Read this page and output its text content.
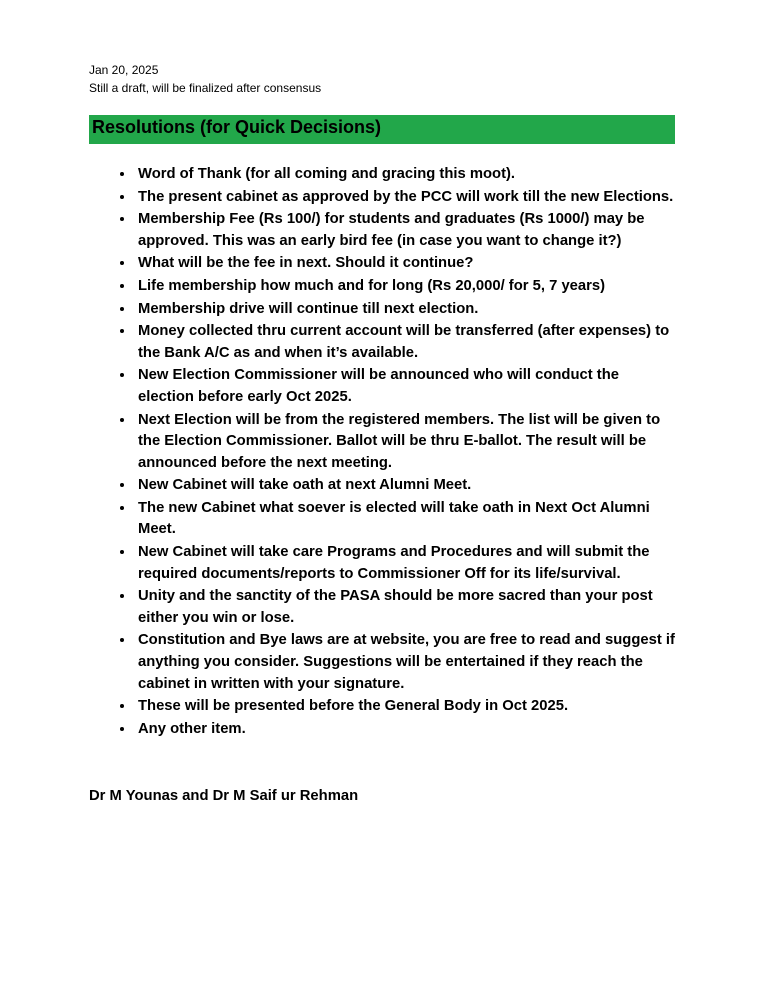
Jan 20, 2025

Still a draft, will be finalized after consensus

Resolutions (for Quick Decisions)
• Word of Thank (for all coming and gracing this moot).
• The present cabinet as approved by the PCC will work till the new Elections.
• Membership Fee (Rs 100/) for students and graduates (Rs 1000/) may be approved. This was an early bird fee (in case you want to change it?)
• What will be the fee in next. Should it continue?
• Life membership how much and for long (Rs 20,000/ for 5, 7 years)
• Membership drive will continue till next election.
• Money collected thru current account will be transferred (after expenses) to the Bank A/C as and when it’s available.
• New Election Commissioner will be announced who will conduct the election before early Oct 2025.
• Next Election will be from the registered members. The list will be given to the Election Commissioner. Ballot will be thru E-ballot. The result will be announced before the next meeting.
• New Cabinet will take oath at next Alumni Meet.
• The new Cabinet what soever is elected will take oath in Next Oct Alumni Meet.
• New Cabinet will take care Programs and Procedures and will submit the required documents/reports to Commissioner Off for its life/survival.
• Unity and the sanctity of the PASA should be more sacred than your post either you win or lose.
• Constitution and Bye laws are at website, you are free to read and suggest if anything you consider. Suggestions will be entertained if they reach the cabinet in written with your signature.
• These will be presented before the General Body in Oct 2025.
• Any other item.
Dr M Younas and Dr M Saif ur Rehman
